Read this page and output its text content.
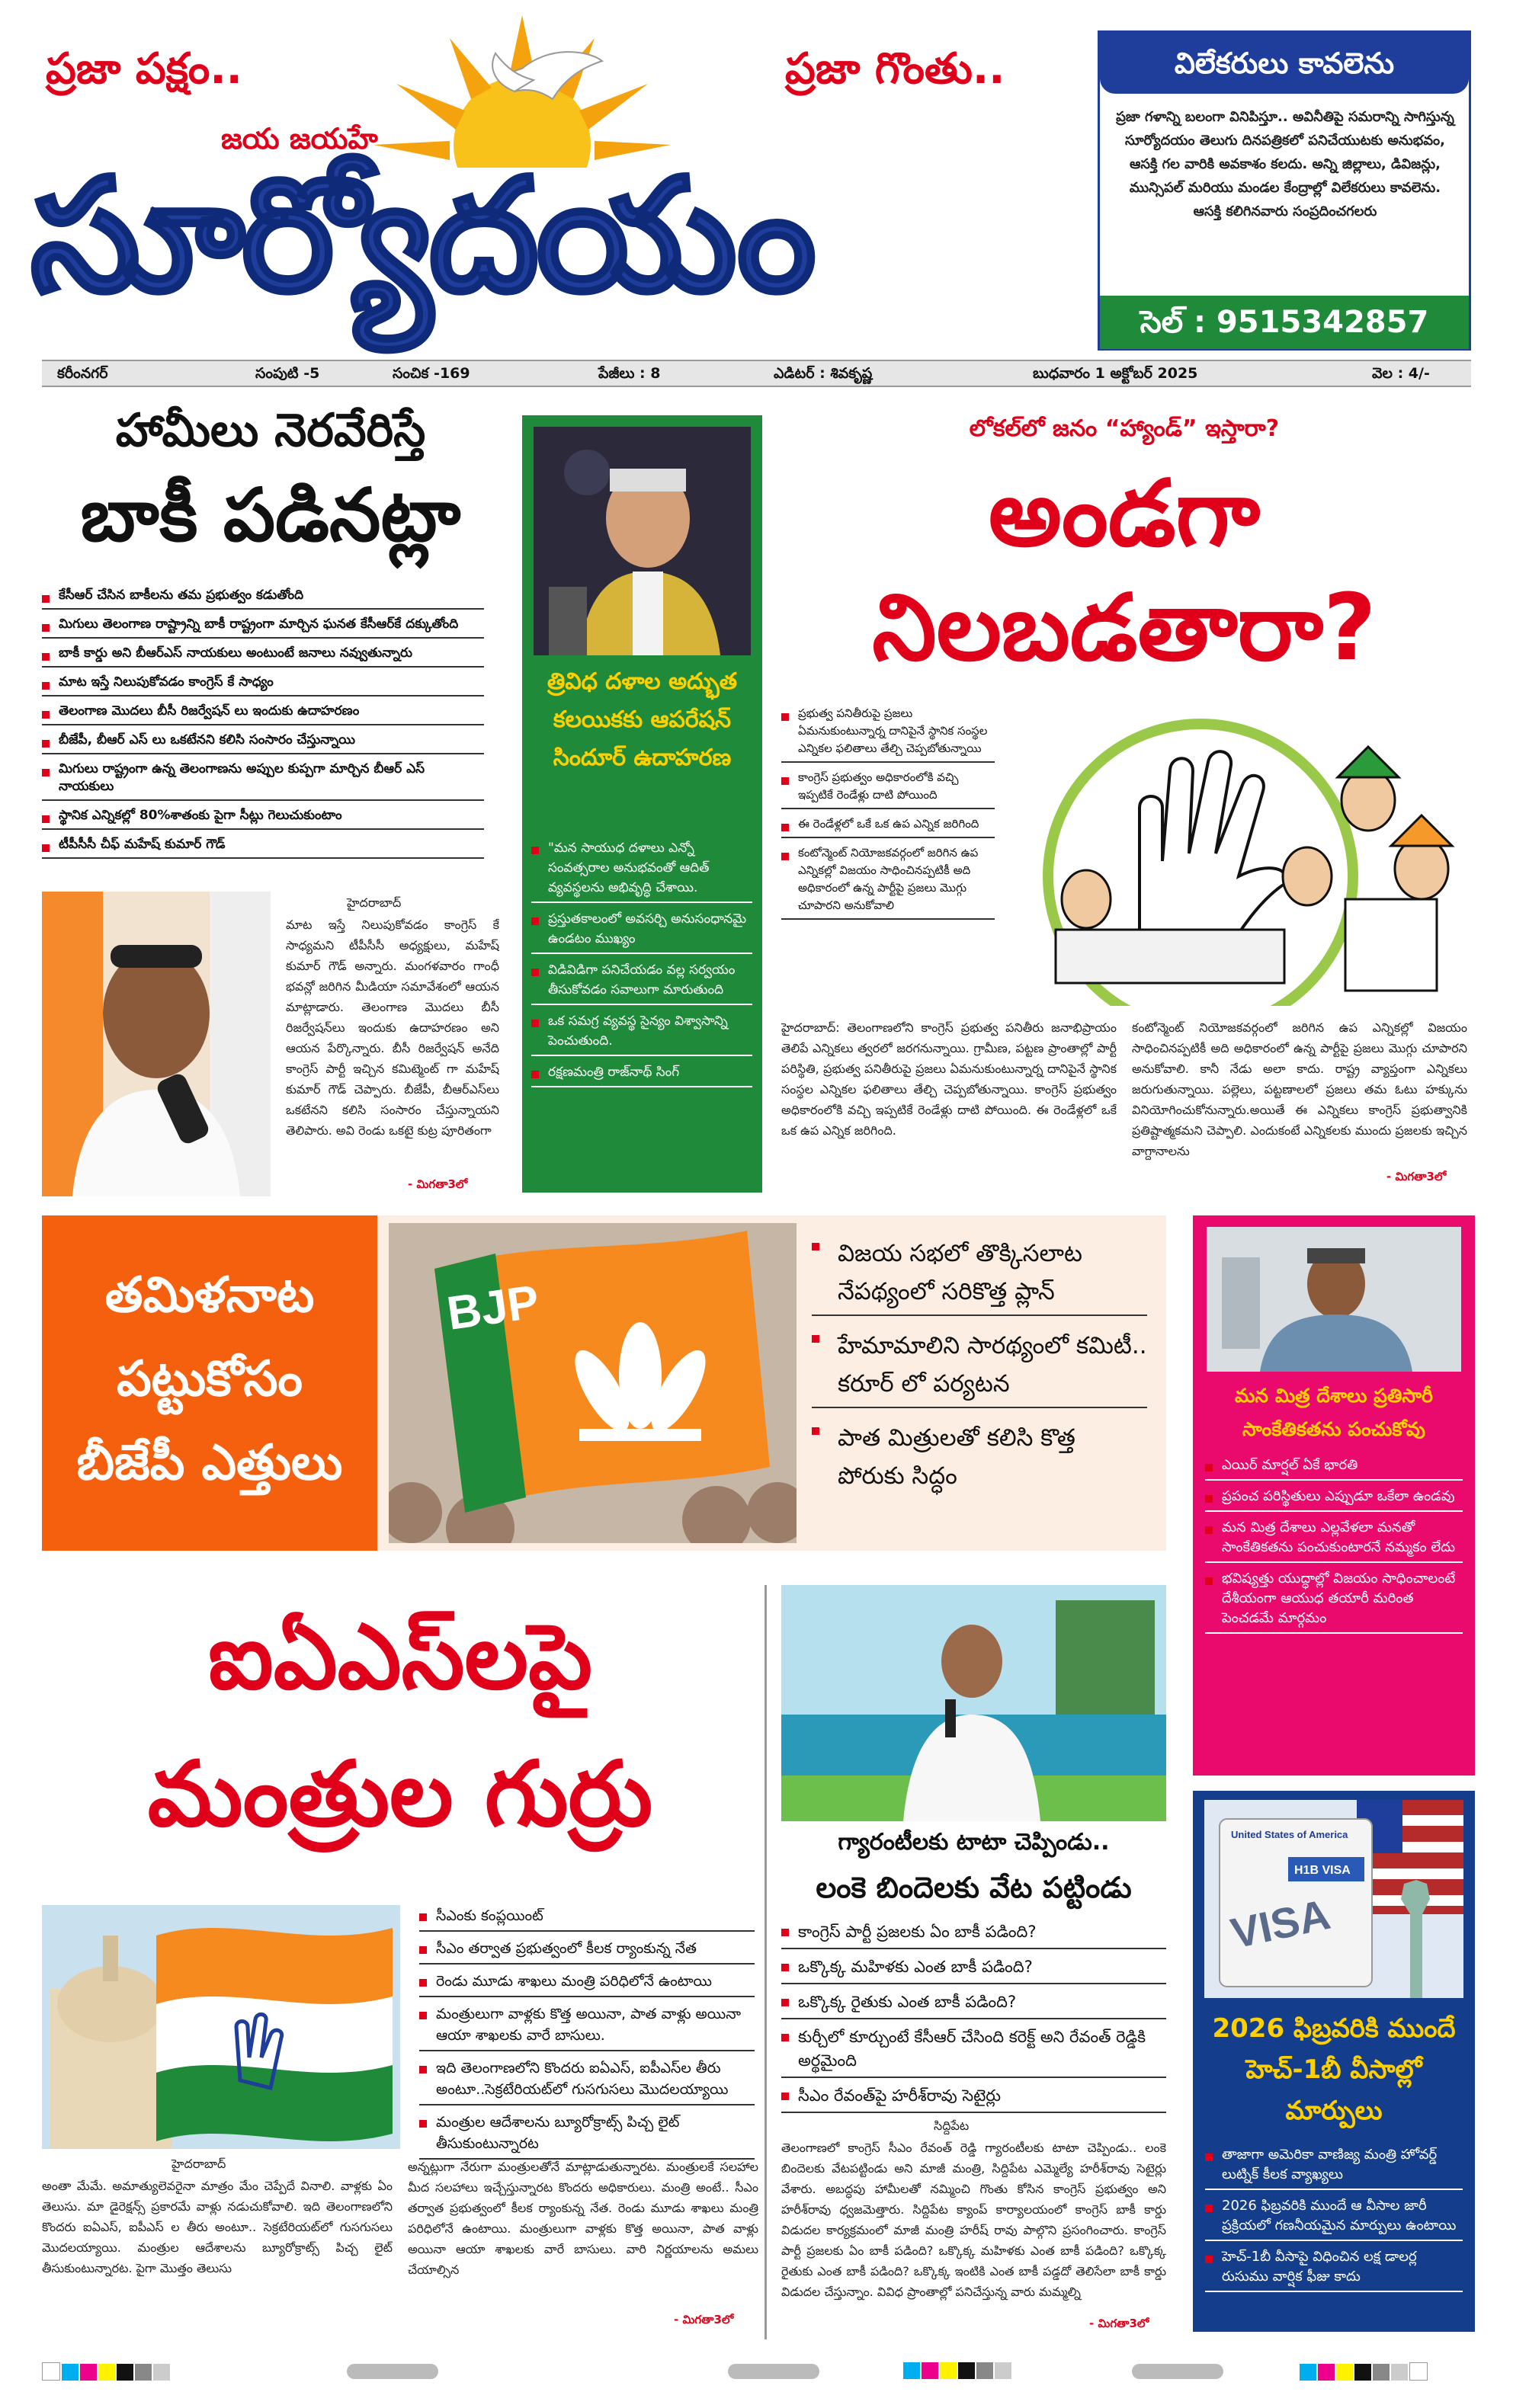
ప్రజా పక్షం..	ప్రజా గొంతు..
జయ జయహే
సూర్యోదయం
విలేకరులు కావలెను
ప్రజా గళాన్ని బలంగా వినిపిస్తూ.. అవినీతిపై సమరాన్ని సాగిస్తున్న సూర్యోదయం తెలుగు దినపత్రికలో పనిచేయుటకు అనుభవం, ఆసక్తి గల వారికి అవకాశం కలదు. అన్ని జిల్లాలు, డివిజన్లు, మున్సిపల్ మరియు మండల కేంద్రాల్లో విలేకరులు కావలెను. ఆసక్తి కలిగినవారు సంప్రదించగలరు
సెల్ : 9515342857
కరీంనగర్	సంపుటి -5	సంచిక -169	పేజీలు : 8	ఎడిటర్ : శివకృష్ణ	బుధవారం 1 అక్టోబర్ 2025	వెల : 4/-
హామీలు నెరవేరిస్తే
బాకీ పడినట్లా
కేసీఆర్ చేసిన బాకీలను తమ ప్రభుత్వం కడుతోంది
మిగులు తెలంగాణ రాష్ట్రాన్ని బాకీ రాష్ట్రంగా మార్చిన ఘనత కేసీఆర్‌కే దక్కుతోంది
బాకీ కార్డు అని బీఆర్ఎస్ నాయకులు అంటుంటే జనాలు నవ్వుతున్నారు
మాట ఇస్తే నిలుపుకోవడం కాంగ్రెస్ కే సాధ్యం
తెలంగాణ మొదలు బీసీ రిజర్వేషన్‌ లు ఇందుకు ఉదాహరణం
బీజేపీ, బీఆర్ ఎస్ లు ఒకటేనని కలిసి సంసారం చేస్తున్నాయి
మిగులు రాష్ట్రంగా ఉన్న తెలంగాణను అప్పుల కుప్పగా మార్చిన బీఆర్ ఎస్ నాయకులు
స్థానిక ఎన్నికల్లో 80%శాతంకు పైగా సీట్లు గెలుచుకుంటాం
టీపీసీసీ చీఫ్ మహేష్ కుమార్ గౌడ్
హైదరాబాద్
మాట ఇస్తే నిలుపుకోవడం కాంగ్రెస్ కే సాధ్యమని టీపీసీసీ అధ్యక్షులు, మహేష్ కుమార్ గౌడ్ అన్నారు. మంగళవారం గాంధీ భవన్లో జరిగిన మీడియా సమావేశంలో ఆయన మాట్లాడారు. తెలంగాణ మొదలు బీసీ రిజర్వేషన్‌లు ఇందుకు ఉదాహరణం అని ఆయన పేర్కొన్నారు. బీసీ రిజర్వేషన్ అనేది కాంగ్రెస్ పార్టీ ఇచ్చిన కమిట్మెంట్ గా మహేష్ కుమార్ గౌడ్ చెప్పారు. బీజేపీ, బీఆర్ఎస్‌లు ఒకటేనని కలిసి సంసారం చేస్తున్నాయని తెలిపారు. అవి రెండు ఒకటై కుట్ర పూరితంగా
- మిగతా3లో
త్రివిధ దళాల అద్భుత కలయికకు ఆపరేషన్ సిందూర్ ఉదాహరణ
"మన సాయుధ దళాలు ఎన్నో సంవత్సరాల అనుభవంతో ఆదిత్ వ్యవస్థలను అభివృద్ధి చేశాయి.
ప్రస్తుతకాలంలో అవసర్చి అనుసంధానమై ఉండటం ముఖ్యం
విడివిడిగా పనిచేయడం వల్ల సర్వయం తీసుకోవడం సవాలుగా మారుతుంది
ఒక సమగ్ర వ్యవస్థ సైన్యం విశ్వాసాన్ని పెంచుతుంది.
రక్షణమంత్రి రాజ్‌నాథ్ సింగ్
లోకల్‌లో జనం “హ్యాండ్” ఇస్తారా?
అండగా
నిలబడతారా?
ప్రభుత్వ పనితీరుపై ప్రజలు ఏమనుకుంటున్నార్న దానిపైనే స్థానిక సంస్థల ఎన్నికల ఫలితాలు తేల్చి చెప్పబోతున్నాయి
కాంగ్రెస్ ప్రభుత్వం అధికారంలోకి వచ్చి ఇప్పటికే రెండేళ్లు దాటి పోయింది
ఈ రెండేళ్లలో ఒకే ఒక ఉప ఎన్నిక జరిగింది
కంటోన్మెంట్ నియోజకవర్గంలో జరిగిన ఉప ఎన్నికల్లో విజయం సాధించినప్పటికీ అది అధికారంలో ఉన్న పార్టీపై ప్రజలు మొగ్గు చూపారని అనుకోవాలి
హైదరాబాద్: తెలంగాణలోని కాంగ్రెస్ ప్రభుత్వ పనితీరు జనాభిప్రాయం తెలిపే ఎన్నికలు త్వరలో జరగనున్నాయి. గ్రామీణ, పట్టణ ప్రాంతాల్లో పార్టీ పరిస్థితి, ప్రభుత్వ పనితీరుపై ప్రజలు ఏమనుకుంటున్నార్న దానిపైనే స్థానిక సంస్థల ఎన్నికల ఫలితాలు తేల్చి చెప్పబోతున్నాయి. కాంగ్రెస్ ప్రభుత్వం అధికారంలోకి వచ్చి ఇప్పటికే రెండేళ్లు దాటి పోయింది. ఈ రెండేళ్లలో ఒకే ఒక ఉప ఎన్నిక జరిగింది.
కంటోన్మెంట్ నియోజకవర్గంలో జరిగిన ఉప ఎన్నికల్లో విజయం సాధించినప్పటికీ అది అధికారంలో ఉన్న పార్టీపై ప్రజలు మొగ్గు చూపారని అనుకోవాలి. కానీ నేడు అలా కాదు. రాష్ట్ర వ్యాప్తంగా ఎన్నికలు జరుగుతున్నాయి. పల్లెలు, పట్టణాలలో ప్రజలు తమ ఓటు హక్కును వినియోగించుకోనున్నారు.అయితే ఈ ఎన్నికలు కాంగ్రెస్ ప్రభుత్వానికి ప్రతిష్టాత్మకమని చెప్పాలి. ఎందుకంటే ఎన్నికలకు ముందు ప్రజలకు ఇచ్చిన వాగ్దానాలను
- మిగతా3లో
తమిళనాట పట్టుకోసం బీజేపీ ఎత్తులు
BJP
విజయ సభలో తొక్కిసలాట నేపథ్యంలో సరికొత్త ప్లాన్
హేమామాలిని సారథ్యంలో కమిటీ.. కరూర్ లో పర్యటన
పాత మిత్రులతో కలిసి కొత్త పోరుకు సిద్ధం
మన మిత్ర దేశాలు ప్రతిసారీ సాంకేతికతను పంచుకోవు
ఎయిర్ మార్షల్ ఏకే భారతి
ప్రపంచ పరిస్థితులు ఎప్పుడూ ఒకేలా ఉండవు
మన మిత్ర దేశాలు ఎల్లవేళలా మనతో సాంకేతికతను పంచుకుంటారనే నమ్మకం లేదు
భవిష్యత్తు యుద్ధాల్లో విజయం సాధించాలంటే దేశీయంగా ఆయుధ తయారీ మరింత పెంచడమే మార్గమం
ఐఏఎస్‌లపై
మంత్రుల గుర్రు
సీఎంకు కంప్లయింట్
సీఎం తర్వాత ప్రభుత్వంలో కీలక ర్యాంకున్న నేత
రెండు మూడు శాఖలు మంత్రి పరిధిలోనే ఉంటాయి
మంత్రులుగా వాళ్లకు కొత్త అయినా, పాత వాళ్లు అయినా ఆయా శాఖలకు వారే బాసులు.
ఇది తెలంగాణలోని కొందరు ఐఏఎస్, ఐపీఎస్‌ల తీరు అంటూ..సెక్రటేరియట్‌లో గుసగుసలు మొదలయ్యాయి
మంత్రుల ఆదేశాలను బ్యూరోక్రాట్స్ పిచ్చ లైట్ తీసుకుంటున్నారట
హైదరాబాద్
అంతా మేమే. అమాత్యులెవరైనా మాత్రం మేం చెప్పేదే వినాలి. వాళ్లకు ఏం తెలుసు. మా డైరెక్షన్స్ ప్రకారమే వాళ్లు నడుచుకోవాలి. ఇది తెలంగాణలోని కొందరు ఐఏఎస్, ఐపీఎస్ ల తీరు అంటూ.. సెక్రటేరియట్‌లో గుసగుసలు మొదలయ్యాయి. మంత్రుల ఆదేశాలను బ్యూరోక్రాట్స్ పిచ్చ లైట్ తీసుకుంటున్నారట. పైగా మొత్తం తెలుసు
అన్నట్లుగా నేరుగా మంత్రులతోనే మాట్లాడుతున్నారట. మంత్రులకే సలహాల మీద సలహాలు ఇచ్చేస్తున్నారట కొందరు అధికారులు. మంత్రి అంటే.. సీఎం తర్వాత ప్రభుత్వంలో కీలక ర్యాంకున్న నేత. రెండు మూడు శాఖలు మంత్రి పరిధిలోనే ఉంటాయి. మంత్రులుగా వాళ్లకు కొత్త అయినా, పాత వాళ్లు అయినా ఆయా శాఖలకు వారే బాసులు. వారి నిర్ణయాలను అమలు చేయాల్సిన
- మిగతా3లో
గ్యారంటీలకు టాటా చెప్పిండు..
లంకె బిందెలకు వేట పట్టిండు
కాంగ్రెస్ పార్టీ ప్రజలకు ఏం బాకీ పడింది?
ఒక్కొక్క మహిళకు ఎంత బాకీ పడింది?
ఒక్కొక్క రైతుకు ఎంత బాకీ పడింది?
కుర్చీలో కూర్చుంటే కేసీఆర్ చేసింది కరెక్ట్ అని రేవంత్ రెడ్డికి అర్థమైంది
సీఎం రేవంత్‌పై హరీశ్‌రావు సెటైర్లు
సిద్దిపేట
తెలంగాణలో కాంగ్రెస్ సీఎం రేవంత్ రెడ్డి గ్యారంటీలకు టాటా చెప్పిండు.. లంకె బిందెలకు వేటపట్టిండు అని మాజీ మంత్రి, సిద్దిపేట ఎమ్మెల్యే హరీశ్‌రావు సెటైర్లు వేశారు. అబద్ధపు హామీలతో నమ్మించి గొంతు కోసిన కాంగ్రెస్ ప్రభుత్వం అని హరీశ్‌రావు ధ్వజమెత్తారు. సిద్దిపేట క్యాంప్ కార్యాలయంలో కాంగ్రెస్ బాకీ కార్డు విడుదల కార్యక్రమంలో మాజీ మంత్రి హరీష్ రావు పాల్గొని ప్రసంగించారు. కాంగ్రెస్ పార్టీ ప్రజలకు ఏం బాకీ పడింది? ఒక్కొక్క మహిళకు ఎంత బాకీ పడింది? ఒక్కొక్క రైతుకు ఎంత బాకీ పడింది? ఒక్కొక్క ఇంటికి ఎంత బాకీ పడ్డదో తెలిసేలా బాకీ కార్డు విడుదల చేస్తున్నాం. వివిధ ప్రాంతాల్లో పనిచేస్తున్న వారు మమ్మల్ని
- మిగతా3లో
United States of America
H1B VISA
VISA
2026 ఫిబ్రవరికి ముందే హెచ్-1బీ వీసాల్లో మార్పులు
తాజాగా అమెరికా వాణిజ్య మంత్రి హోవర్డ్ లుట్నిక్ కీలక వ్యాఖ్యలు
2026 ఫిబ్రవరికి ముందే ఆ వీసాల జారీ ప్రక్రియలో గణనీయమైన మార్పులు ఉంటాయి
హెచ్-1బీ వీసాపై విధించిన లక్ష డాలర్ల రుసుము వార్షిక ఫీజు కాదు
